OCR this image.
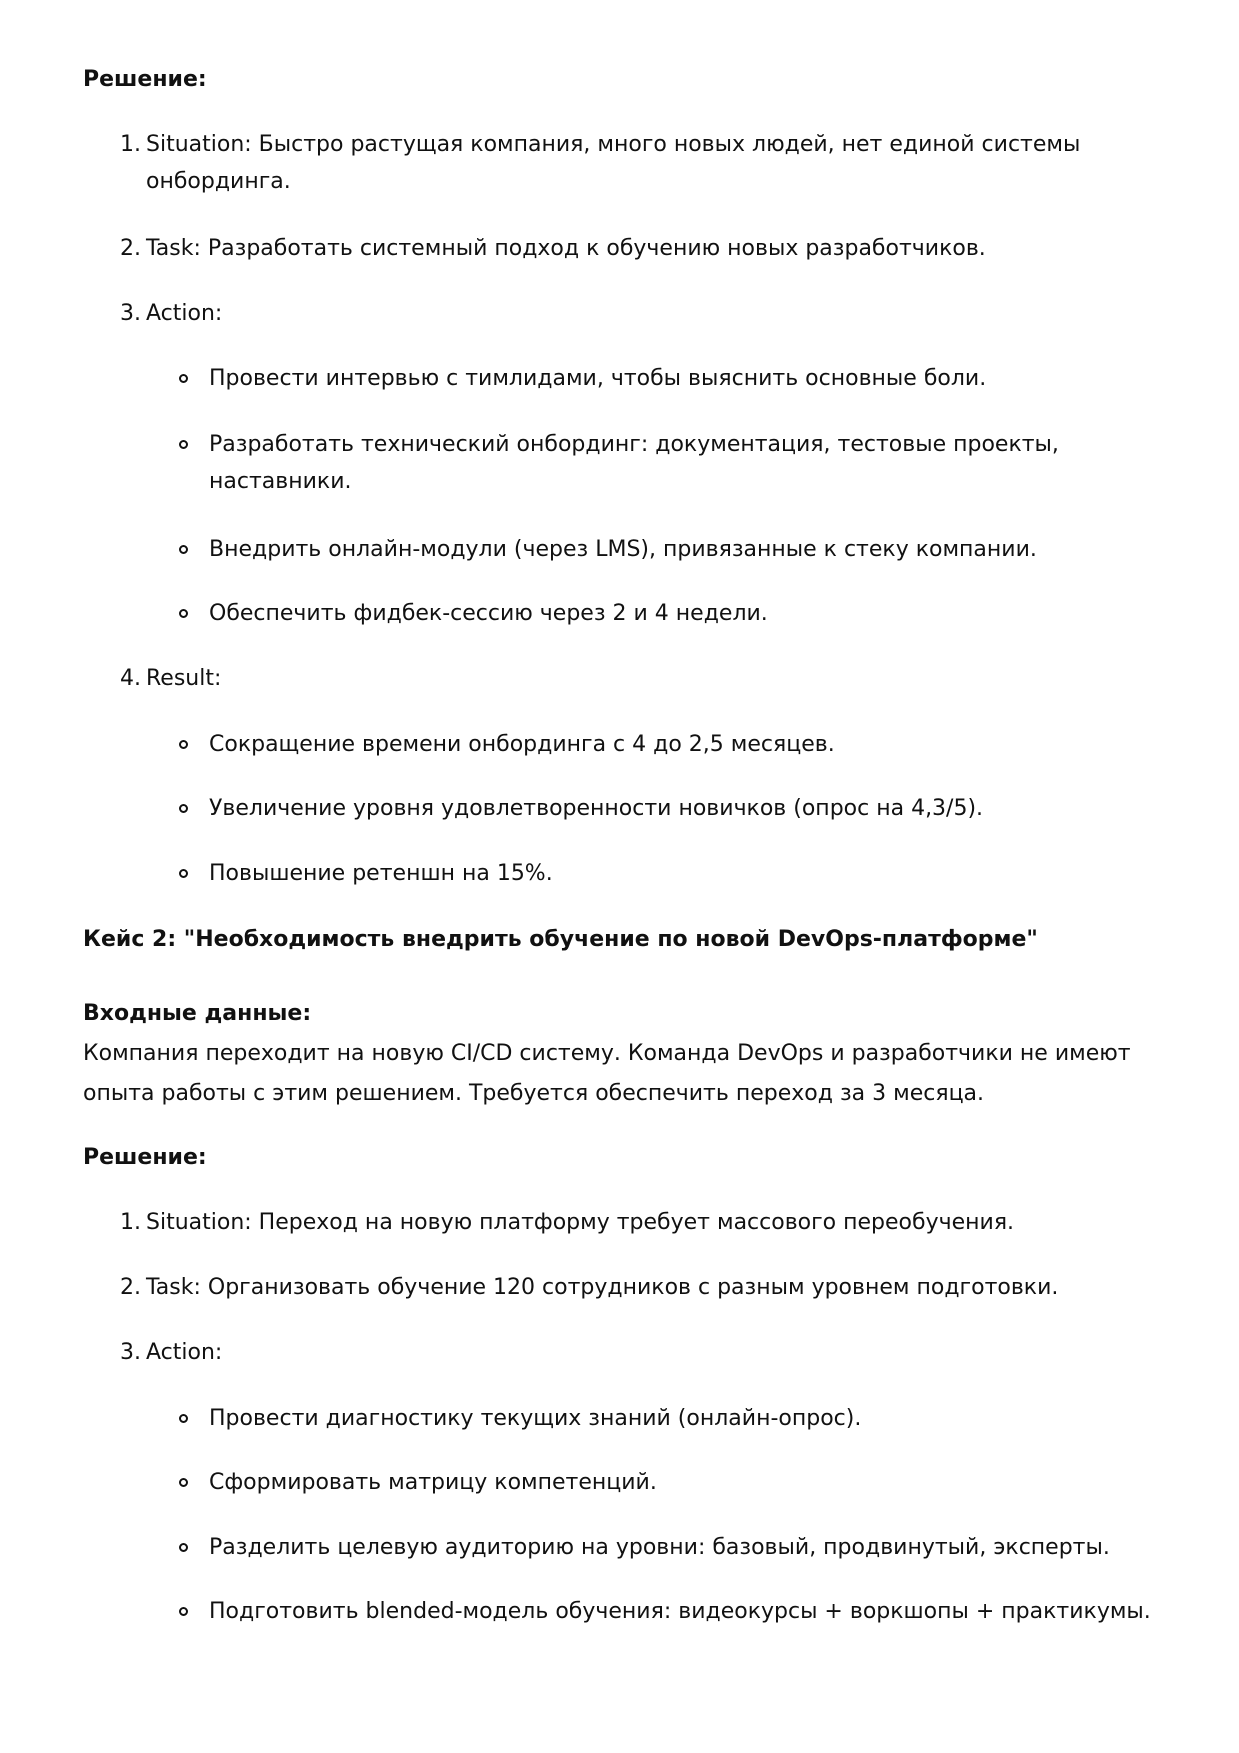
Решение:
1. Situation: Быстро растущая компания, много новых людей, нет единой системы
онбординга.
2. Task: Разработать системный подход к обучению новых разработчиков.
3. Action:
Провести интервью с тимлидами, чтобы выяснить основные боли.
Разработать технический онбординг: документация, тестовые проекты,
наставники.
Внедрить онлайн-модули (через LMS), привязанные к стеку компании.
Обеспечить фидбек-сессию через 2 и 4 недели.
4. Result:
Сокращение времени онбординга с 4 до 2,5 месяцев.
Увеличение уровня удовлетворенности новичков (опрос на 4,3/5).
Повышение ретеншн на 15%.
Кейс 2: "Необходимость внедрить обучение по новой DevOps-платформе"
Входные данные:
Компания переходит на новую CI/CD систему. Команда DevOps и разработчики не имеют
опыта работы с этим решением. Требуется обеспечить переход за 3 месяца.
Решение:
1. Situation: Переход на новую платформу требует массового переобучения.
2. Task: Организовать обучение 120 сотрудников с разным уровнем подготовки.
3. Action:
Провести диагностику текущих знаний (онлайн-опрос).
Сформировать матрицу компетенций.
Разделить целевую аудиторию на уровни: базовый, продвинутый, эксперты.
Подготовить blended-модель обучения: видеокурсы + воркшопы + практикумы.
